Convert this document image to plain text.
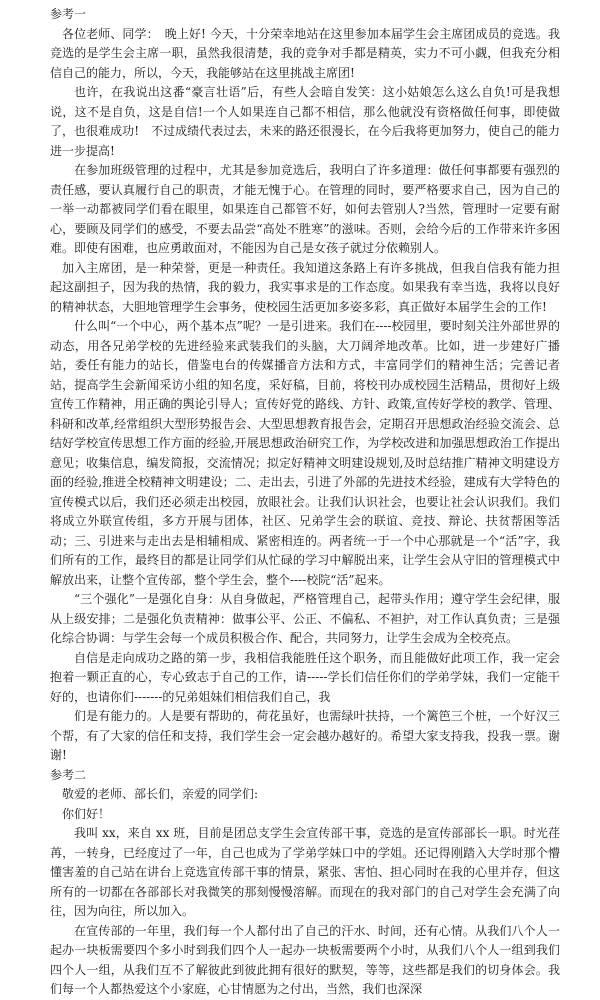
参考一

各位老师、同学：　晚上好! 今天，十分荣幸地站在这里参加本届学生会主席团成员的竞选。我竞选的是学生会主席一职，虽然我很清楚，我的竞争对手都是精英，实力不可小觑，但我充分相信自己的能力，所以，今天，我能够站在这里挑战主席团!

也许，在我说出这番“豪言壮语”后，有些人会暗自发笑：这小姑娘怎么这么自负!可是我想说，这不是自负，这是自信!一个人如果连自己都不相信，那么他就没有资格做任何事，即使做了，也很难成功!　不过成绩代表过去，未来的路还很漫长，在今后我将更加努力，使自己的能力进一步提高!

在参加班级管理的过程中，尤其是参加竞选后，我明白了许多道理：做任何事都要有强烈的责任感，要认真履行自己的职责，才能无愧于心。在管理的同时，要严格要求自己，因为自己的一举一动都被同学们看在眼里，如果连自己都管不好，如何去管别人?当然，管理时一定要有耐心，要顾及同学们的感受，不要去品尝“高处不胜寒”的滋味。否则，会给今后的工作带来许多困难。即使有困难，也应勇敢面对，不能因为自己是女孩子就过分依赖别人。

加入主席团，是一种荣誉，更是一种责任。我知道这条路上有许多挑战，但我自信我有能力担起这副担子，因为我的热情，我的毅力，我实事求是的工作态度。如果我有幸当选，我将以良好的精神状态，大胆地管理学生会事务，使校园生活更加多姿多彩，真正做好本届学生会的工作!

什么叫“一个中心，两个基本点”呢？一是引进来。我们在----校园里，要时刻关注外部世界的动态，用各兄弟学校的先进经验来武装我们的头脑，大刀阔斧地改革。比如，进一步建好广播站，委任有能力的站长，借鉴电台的传媒播音方法和方式，丰富同学们的精神生活；完善记者站，提高学生会新闻采访小组的知名度，采好稿，目前，将校刊办成校园生活精品，贯彻好上级宣传工作精神，用正确的舆论引导人；宣传好党的路线、方针、政策,宣传好学校的教学、管理、科研和改革,经常组织大型形势报告会、大型思想教育报告会，定期召开思想政治经验交流会、总结好学校宣传思想工作方面的经验,开展思想政治研究工作，为学校改进和加强思想政治工作提出意见；收集信息，编发简报，交流情况；拟定好精神文明建设规划,及时总结推广精神文明建设方面的经验,推进全校精神文明建设；二、走出去，引进了外部的先进技术经验，建成有大学特色的宣传模式以后，我们还必须走出校园，放眼社会。让我们认识社会，也要让社会认识我们。我们将成立外联宣传组，多方开展与团体，社区、兄弟学生会的联谊、竞技、辩论、扶贫帮困等活动；三、引进来与走出去是相辅相成、紧密相连的。两者统一于一个中心那就是一个“活”字，我们所有的工作，最终目的都是让同学们从忙碌的学习中解脱出来，让学生会从守旧的管理模式中解放出来，让整个宣传部，整个学生会，整个----校院“活”起来。

“三个强化”一是强化自身：从自身做起，严格管理自己，起带头作用；遵守学生会纪律，服从上级安排；二是强化负责精神：做事公平、公正、不偏私、不袒护，对工作认真负责；三是强化综合协调：与学生会每一个成员积极合作、配合，共同努力，让学生会成为全校亮点。

自信是走向成功之路的第一步，我相信我能胜任这个职务，而且能做好此项工作，我一定会抱着一颗正直的心，专心致志于自己的工作，请-----学长们信任你们的学弟学妹，我们一定能干好的，也请你们-------的兄弟姐妹们相信我们自己，我

们是有能力的。人是要有帮助的，荷花虽好，也需绿叶扶持，一个篱笆三个桩，一个好汉三个帮，有了大家的信任和支持，我们学生会一定会越办越好的。希望大家支持我，投我一票。谢谢!

参考二

敬爱的老师、部长们，亲爱的同学们:

你们好！

我叫 xx，来自 xx 班，目前是团总支学生会宣传部干事，竞选的是宣传部部长一职。时光荏苒，一转身，已经度过了一年，自己也成为了学弟学妹口中的学姐。还记得刚踏入大学时那个懵懂害羞的自己站在讲台上竞选宣传部干事的情景，紧张、害怕、担心同时在我的心里并存，但这所有的一切都在各部部长对我微笑的那刻慢慢溶解。而现在的我对部门的自己对学生会充满了向往，因为向往，所以加入。

在宣传部的一年里，我们每一个人都付出了自己的汗水、时间，还有心情。从我们八个人一起办一块板需要四个多小时到我们四个人一起办一块板需要两个小时，从我们八个人一组到我们四个人一组，从我们互不了解彼此到彼此拥有很好的默契，等等，这些都是我们的切身体会。我们每一个人都热爱这个小家庭，心甘情愿为之付出，当然，我们也深深
